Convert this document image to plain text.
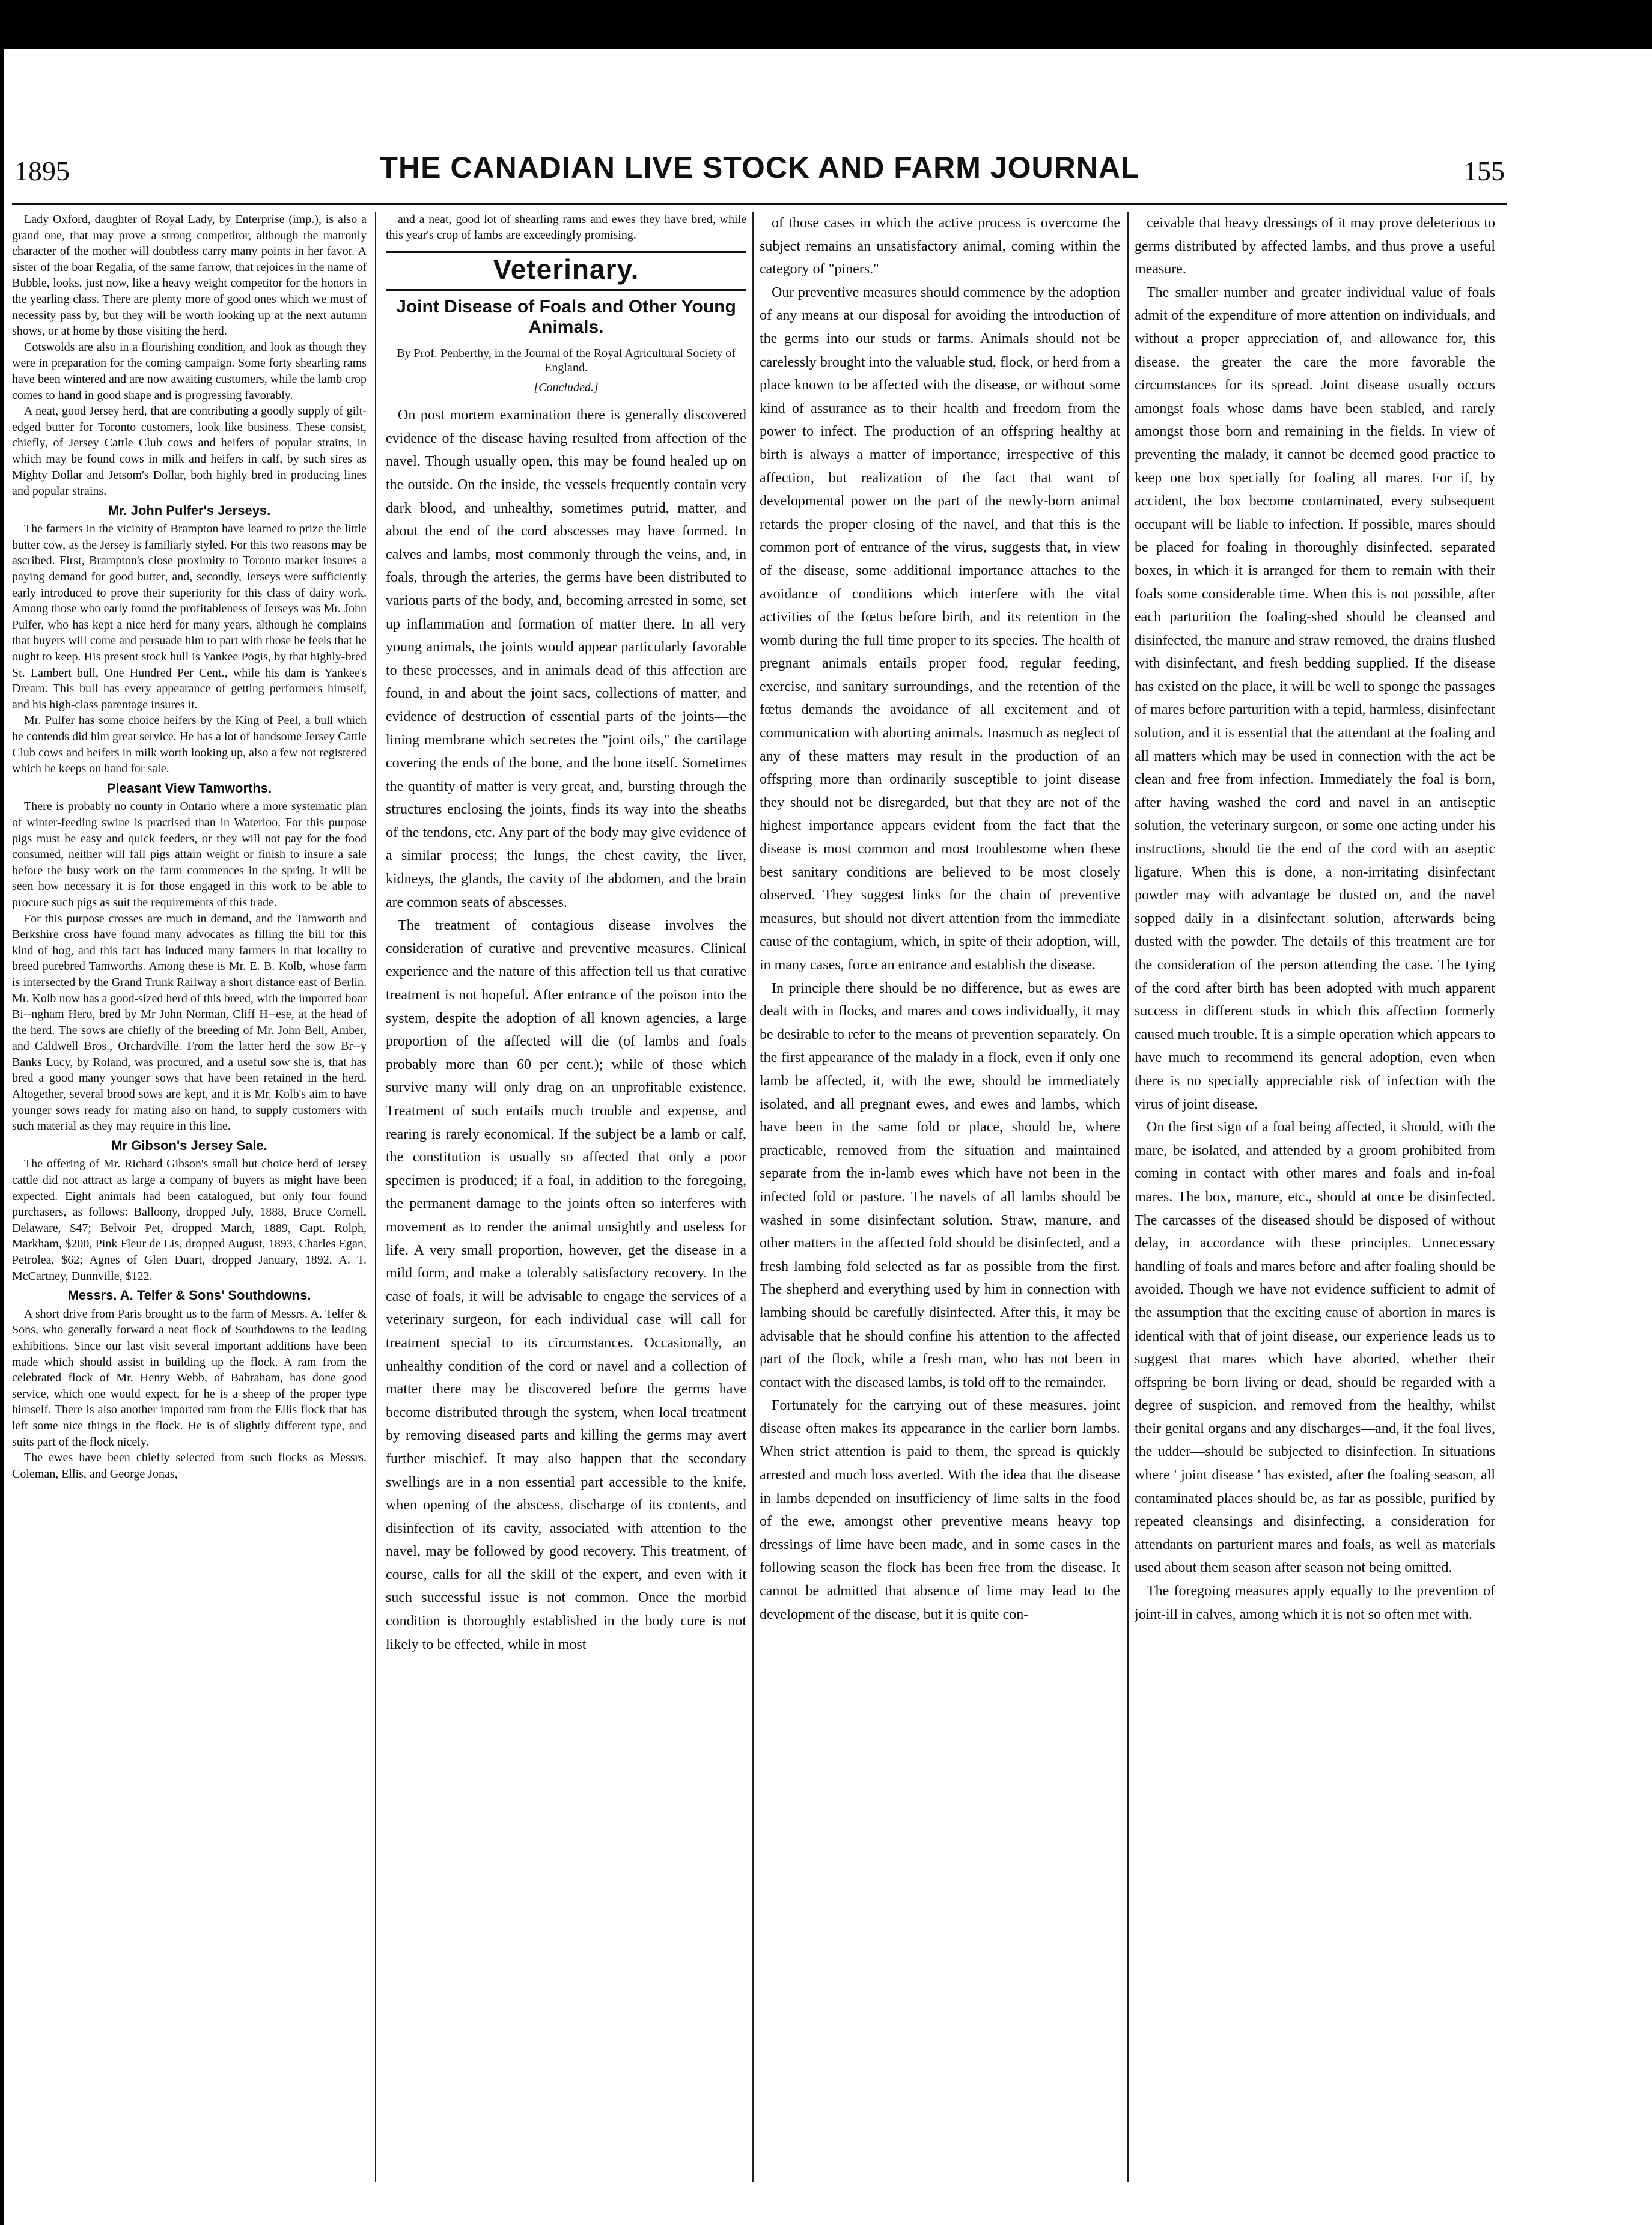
1895	THE CANADIAN LIVE STOCK AND FARM JOURNAL	155

Lady Oxford, daughter of Royal Lady, by Enterprise (imp.), is also a grand one, that may prove a strong competitor, although the matronly character of the mother will doubtless carry many points in her favor. A sister of the boar Regalia, of the same farrow, that rejoices in the name of Bubble, looks, just now, like a heavy weight competitor for the honors in the yearling class. There are plenty more of good ones which we must of necessity pass by, but they will be worth looking up at the next autumn shows, or at home by those visiting the herd.

Cotswolds are also in a flourishing condition, and look as though they were in preparation for the coming campaign. Some forty shearling rams have been wintered and are now awaiting customers, while the lamb crop comes to hand in good shape and is progressing favorably.

A neat, good Jersey herd, that are contributing a goodly supply of gilt-edged butter for Toronto customers, look like business. These consist, chiefly, of Jersey Cattle Club cows and heifers of popular strains, in which may be found cows in milk and heifers in calf, by such sires as Mighty Dollar and Jetsom's Dollar, both highly bred in producing lines and popular strains.

Mr. John Pulfer's Jerseys.

The farmers in the vicinity of Brampton have learned to prize the little butter cow, as the Jersey is familiarly styled. For this two reasons may be ascribed. First, Brampton's close proximity to Toronto market insures a paying demand for good butter, and, secondly, Jerseys were sufficiently early introduced to prove their superiority for this class of dairy work. Among those who early found the profitableness of Jerseys was Mr. John Pulfer, who has kept a nice herd for many years, although he complains that buyers will come and persuade him to part with those he feels that he ought to keep. His present stock bull is Yankee Pogis, by that highly-bred St. Lambert bull, One Hundred Per Cent., while his dam is Yankee's Dream. This bull has every appearance of getting performers himself, and his high-class parentage insures it.

Mr. Pulfer has some choice heifers by the King of Peel, a bull which he contends did him great service. He has a lot of handsome Jersey Cattle Club cows and heifers in milk worth looking up, also a few not registered which he keeps on hand for sale.

Pleasant View Tamworths.

There is probably no county in Ontario where a more systematic plan of winter-feeding swine is practised than in Waterloo. For this purpose pigs must be easy and quick feeders, or they will not pay for the food consumed, neither will fall pigs attain weight or finish to insure a sale before the busy work on the farm commences in the spring. It will be seen how necessary it is for those engaged in this work to be able to procure such pigs as suit the requirements of this trade.

For this purpose crosses are much in demand, and the Tamworth and Berkshire cross have found many advocates as filling the bill for this kind of hog, and this fact has induced many farmers in that locality to breed purebred Tamworths. Among these is Mr. E. B. Kolb, whose farm is intersected by the Grand Trunk Railway a short distance east of Berlin. Mr. Kolb now has a good-sized herd of this breed, with the imported boar Bi--ngham Hero, bred by Mr John Norman, Cliff H--ese, at the head of the herd. The sows are chiefly of the breeding of Mr. John Bell, Amber, and Caldwell Bros., Orchardville. From the latter herd the sow Br--y Banks Lucy, by Roland, was procured, and a useful sow she is, that has bred a good many younger sows that have been retained in the herd. Altogether, several brood sows are kept, and it is Mr. Kolb's aim to have younger sows ready for mating also on hand, to supply customers with such material as they may require in this line.

Mr Gibson's Jersey Sale.

The offering of Mr. Richard Gibson's small but choice herd of Jersey cattle did not attract as large a company of buyers as might have been expected. Eight animals had been catalogued, but only four found purchasers, as follows: Balloony, dropped July, 1888, Bruce Cornell, Delaware, $47; Belvoir Pet, dropped March, 1889, Capt. Rolph, Markham, $200, Pink Fleur de Lis, dropped August, 1893, Charles Egan, Petrolea, $62; Agnes of Glen Duart, dropped January, 1892, A. T. McCartney, Dunnville, $122.

Messrs. A. Telfer & Sons' Southdowns.

A short drive from Paris brought us to the farm of Messrs. A. Telfer & Sons, who generally forward a neat flock of Southdowns to the leading exhibitions. Since our last visit several important additions have been made which should assist in building up the flock. A ram from the celebrated flock of Mr. Henry Webb, of Babraham, has done good service, which one would expect, for he is a sheep of the proper type himself. There is also another imported ram from the Ellis flock that has left some nice things in the flock. He is of slightly different type, and suits part of the flock nicely.

The ewes have been chiefly selected from such flocks as Messrs. Coleman, Ellis, and George Jonas,

and a neat, good lot of shearling rams and ewes they have bred, while this year's crop of lambs are exceedingly promising.

Veterinary.
Joint Disease of Foals and Other Young Animals.
By Prof. Penberthy, in the Journal of the Royal Agricultural Society of England.
[Concluded.]

On post mortem examination there is generally discovered evidence of the disease having resulted from affection of the navel. Though usually open, this may be found healed up on the outside. On the inside, the vessels frequently contain very dark blood, and unhealthy, sometimes putrid, matter, and about the end of the cord abscesses may have formed. In calves and lambs, most commonly through the veins, and, in foals, through the arteries, the germs have been distributed to various parts of the body, and, becoming arrested in some, set up inflammation and formation of matter there. In all very young animals, the joints would appear particularly favorable to these processes, and in animals dead of this affection are found, in and about the joint sacs, collections of matter, and evidence of destruction of essential parts of the joints—the lining membrane which secretes the "joint oils," the cartilage covering the ends of the bone, and the bone itself. Sometimes the quantity of matter is very great, and, bursting through the structures enclosing the joints, finds its way into the sheaths of the tendons, etc. Any part of the body may give evidence of a similar process; the lungs, the chest cavity, the liver, kidneys, the glands, the cavity of the abdomen, and the brain are common seats of abscesses.

The treatment of contagious disease involves the consideration of curative and preventive measures. Clinical experience and the nature of this affection tell us that curative treatment is not hopeful. After entrance of the poison into the system, despite the adoption of all known agencies, a large proportion of the affected will die (of lambs and foals probably more than 60 per cent.); while of those which survive many will only drag on an unprofitable existence. Treatment of such entails much trouble and expense, and rearing is rarely economical. If the subject be a lamb or calf, the constitution is usually so affected that only a poor specimen is produced; if a foal, in addition to the foregoing, the permanent damage to the joints often so interferes with movement as to render the animal unsightly and useless for life. A very small proportion, however, get the disease in a mild form, and make a tolerably satisfactory recovery. In the case of foals, it will be advisable to engage the services of a veterinary surgeon, for each individual case will call for treatment special to its circumstances. Occasionally, an unhealthy condition of the cord or navel and a collection of matter there may be discovered before the germs have become distributed through the system, when local treatment by removing diseased parts and killing the germs may avert further mischief. It may also happen that the secondary swellings are in a non essential part accessible to the knife, when opening of the abscess, discharge of its contents, and disinfection of its cavity, associated with attention to the navel, may be followed by good recovery. This treatment, of course, calls for all the skill of the expert, and even with it such successful issue is not common. Once the morbid condition is thoroughly established in the body cure is not likely to be effected, while in most

of those cases in which the active process is overcome the subject remains an unsatisfactory animal, coming within the category of "piners."

Our preventive measures should commence by the adoption of any means at our disposal for avoiding the introduction of the germs into our studs or farms. Animals should not be carelessly brought into the valuable stud, flock, or herd from a place known to be affected with the disease, or without some kind of assurance as to their health and freedom from the power to infect. The production of an offspring healthy at birth is always a matter of importance, irrespective of this affection, but realization of the fact that want of developmental power on the part of the newly-born animal retards the proper closing of the navel, and that this is the common port of entrance of the virus, suggests that, in view of the disease, some additional importance attaches to the avoidance of conditions which interfere with the vital activities of the fœtus before birth, and its retention in the womb during the full time proper to its species. The health of pregnant animals entails proper food, regular feeding, exercise, and sanitary surroundings, and the retention of the fœtus demands the avoidance of all excitement and of communication with aborting animals. Inasmuch as neglect of any of these matters may result in the production of an offspring more than ordinarily susceptible to joint disease they should not be disregarded, but that they are not of the highest importance appears evident from the fact that the disease is most common and most troublesome when these best sanitary conditions are believed to be most closely observed. They suggest links for the chain of preventive measures, but should not divert attention from the immediate cause of the contagium, which, in spite of their adoption, will, in many cases, force an entrance and establish the disease.

In principle there should be no difference, but as ewes are dealt with in flocks, and mares and cows individually, it may be desirable to refer to the means of prevention separately. On the first appearance of the malady in a flock, even if only one lamb be affected, it, with the ewe, should be immediately isolated, and all pregnant ewes, and ewes and lambs, which have been in the same fold or place, should be, where practicable, removed from the situation and maintained separate from the in-lamb ewes which have not been in the infected fold or pasture. The navels of all lambs should be washed in some disinfectant solution. Straw, manure, and other matters in the affected fold should be disinfected, and a fresh lambing fold selected as far as possible from the first. The shepherd and everything used by him in connection with lambing should be carefully disinfected. After this, it may be advisable that he should confine his attention to the affected part of the flock, while a fresh man, who has not been in contact with the diseased lambs, is told off to the remainder.

Fortunately for the carrying out of these measures, joint disease often makes its appearance in the earlier born lambs. When strict attention is paid to them, the spread is quickly arrested and much loss averted. With the idea that the disease in lambs depended on insufficiency of lime salts in the food of the ewe, amongst other preventive means heavy top dressings of lime have been made, and in some cases in the following season the flock has been free from the disease. It cannot be admitted that absence of lime may lead to the development of the disease, but it is quite con-

ceivable that heavy dressings of it may prove deleterious to germs distributed by affected lambs, and thus prove a useful measure.

The smaller number and greater individual value of foals admit of the expenditure of more attention on individuals, and without a proper appreciation of, and allowance for, this disease, the greater the care the more favorable the circumstances for its spread. Joint disease usually occurs amongst foals whose dams have been stabled, and rarely amongst those born and remaining in the fields. In view of preventing the malady, it cannot be deemed good practice to keep one box specially for foaling all mares. For if, by accident, the box become contaminated, every subsequent occupant will be liable to infection. If possible, mares should be placed for foaling in thoroughly disinfected, separated boxes, in which it is arranged for them to remain with their foals some considerable time. When this is not possible, after each parturition the foaling-shed should be cleansed and disinfected, the manure and straw removed, the drains flushed with disinfectant, and fresh bedding supplied. If the disease has existed on the place, it will be well to sponge the passages of mares before parturition with a tepid, harmless, disinfectant solution, and it is essential that the attendant at the foaling and all matters which may be used in connection with the act be clean and free from infection. Immediately the foal is born, after having washed the cord and navel in an antiseptic solution, the veterinary surgeon, or some one acting under his instructions, should tie the end of the cord with an aseptic ligature. When this is done, a non-irritating disinfectant powder may with advantage be dusted on, and the navel sopped daily in a disinfectant solution, afterwards being dusted with the powder. The details of this treatment are for the consideration of the person attending the case. The tying of the cord after birth has been adopted with much apparent success in different studs in which this affection formerly caused much trouble. It is a simple operation which appears to have much to recommend its general adoption, even when there is no specially appreciable risk of infection with the virus of joint disease.

On the first sign of a foal being affected, it should, with the mare, be isolated, and attended by a groom prohibited from coming in contact with other mares and foals and in-foal mares. The box, manure, etc., should at once be disinfected. The carcasses of the diseased should be disposed of without delay, in accordance with these principles. Unnecessary handling of foals and mares before and after foaling should be avoided. Though we have not evidence sufficient to admit of the assumption that the exciting cause of abortion in mares is identical with that of joint disease, our experience leads us to suggest that mares which have aborted, whether their offspring be born living or dead, should be regarded with a degree of suspicion, and removed from the healthy, whilst their genital organs and any discharges—and, if the foal lives, the udder—should be subjected to disinfection. In situations where ' joint disease ' has existed, after the foaling season, all contaminated places should be, as far as possible, purified by repeated cleansings and disinfecting, a consideration for attendants on parturient mares and foals, as well as materials used about them season after season not being omitted.

The foregoing measures apply equally to the prevention of joint-ill in calves, among which it is not so often met with.
